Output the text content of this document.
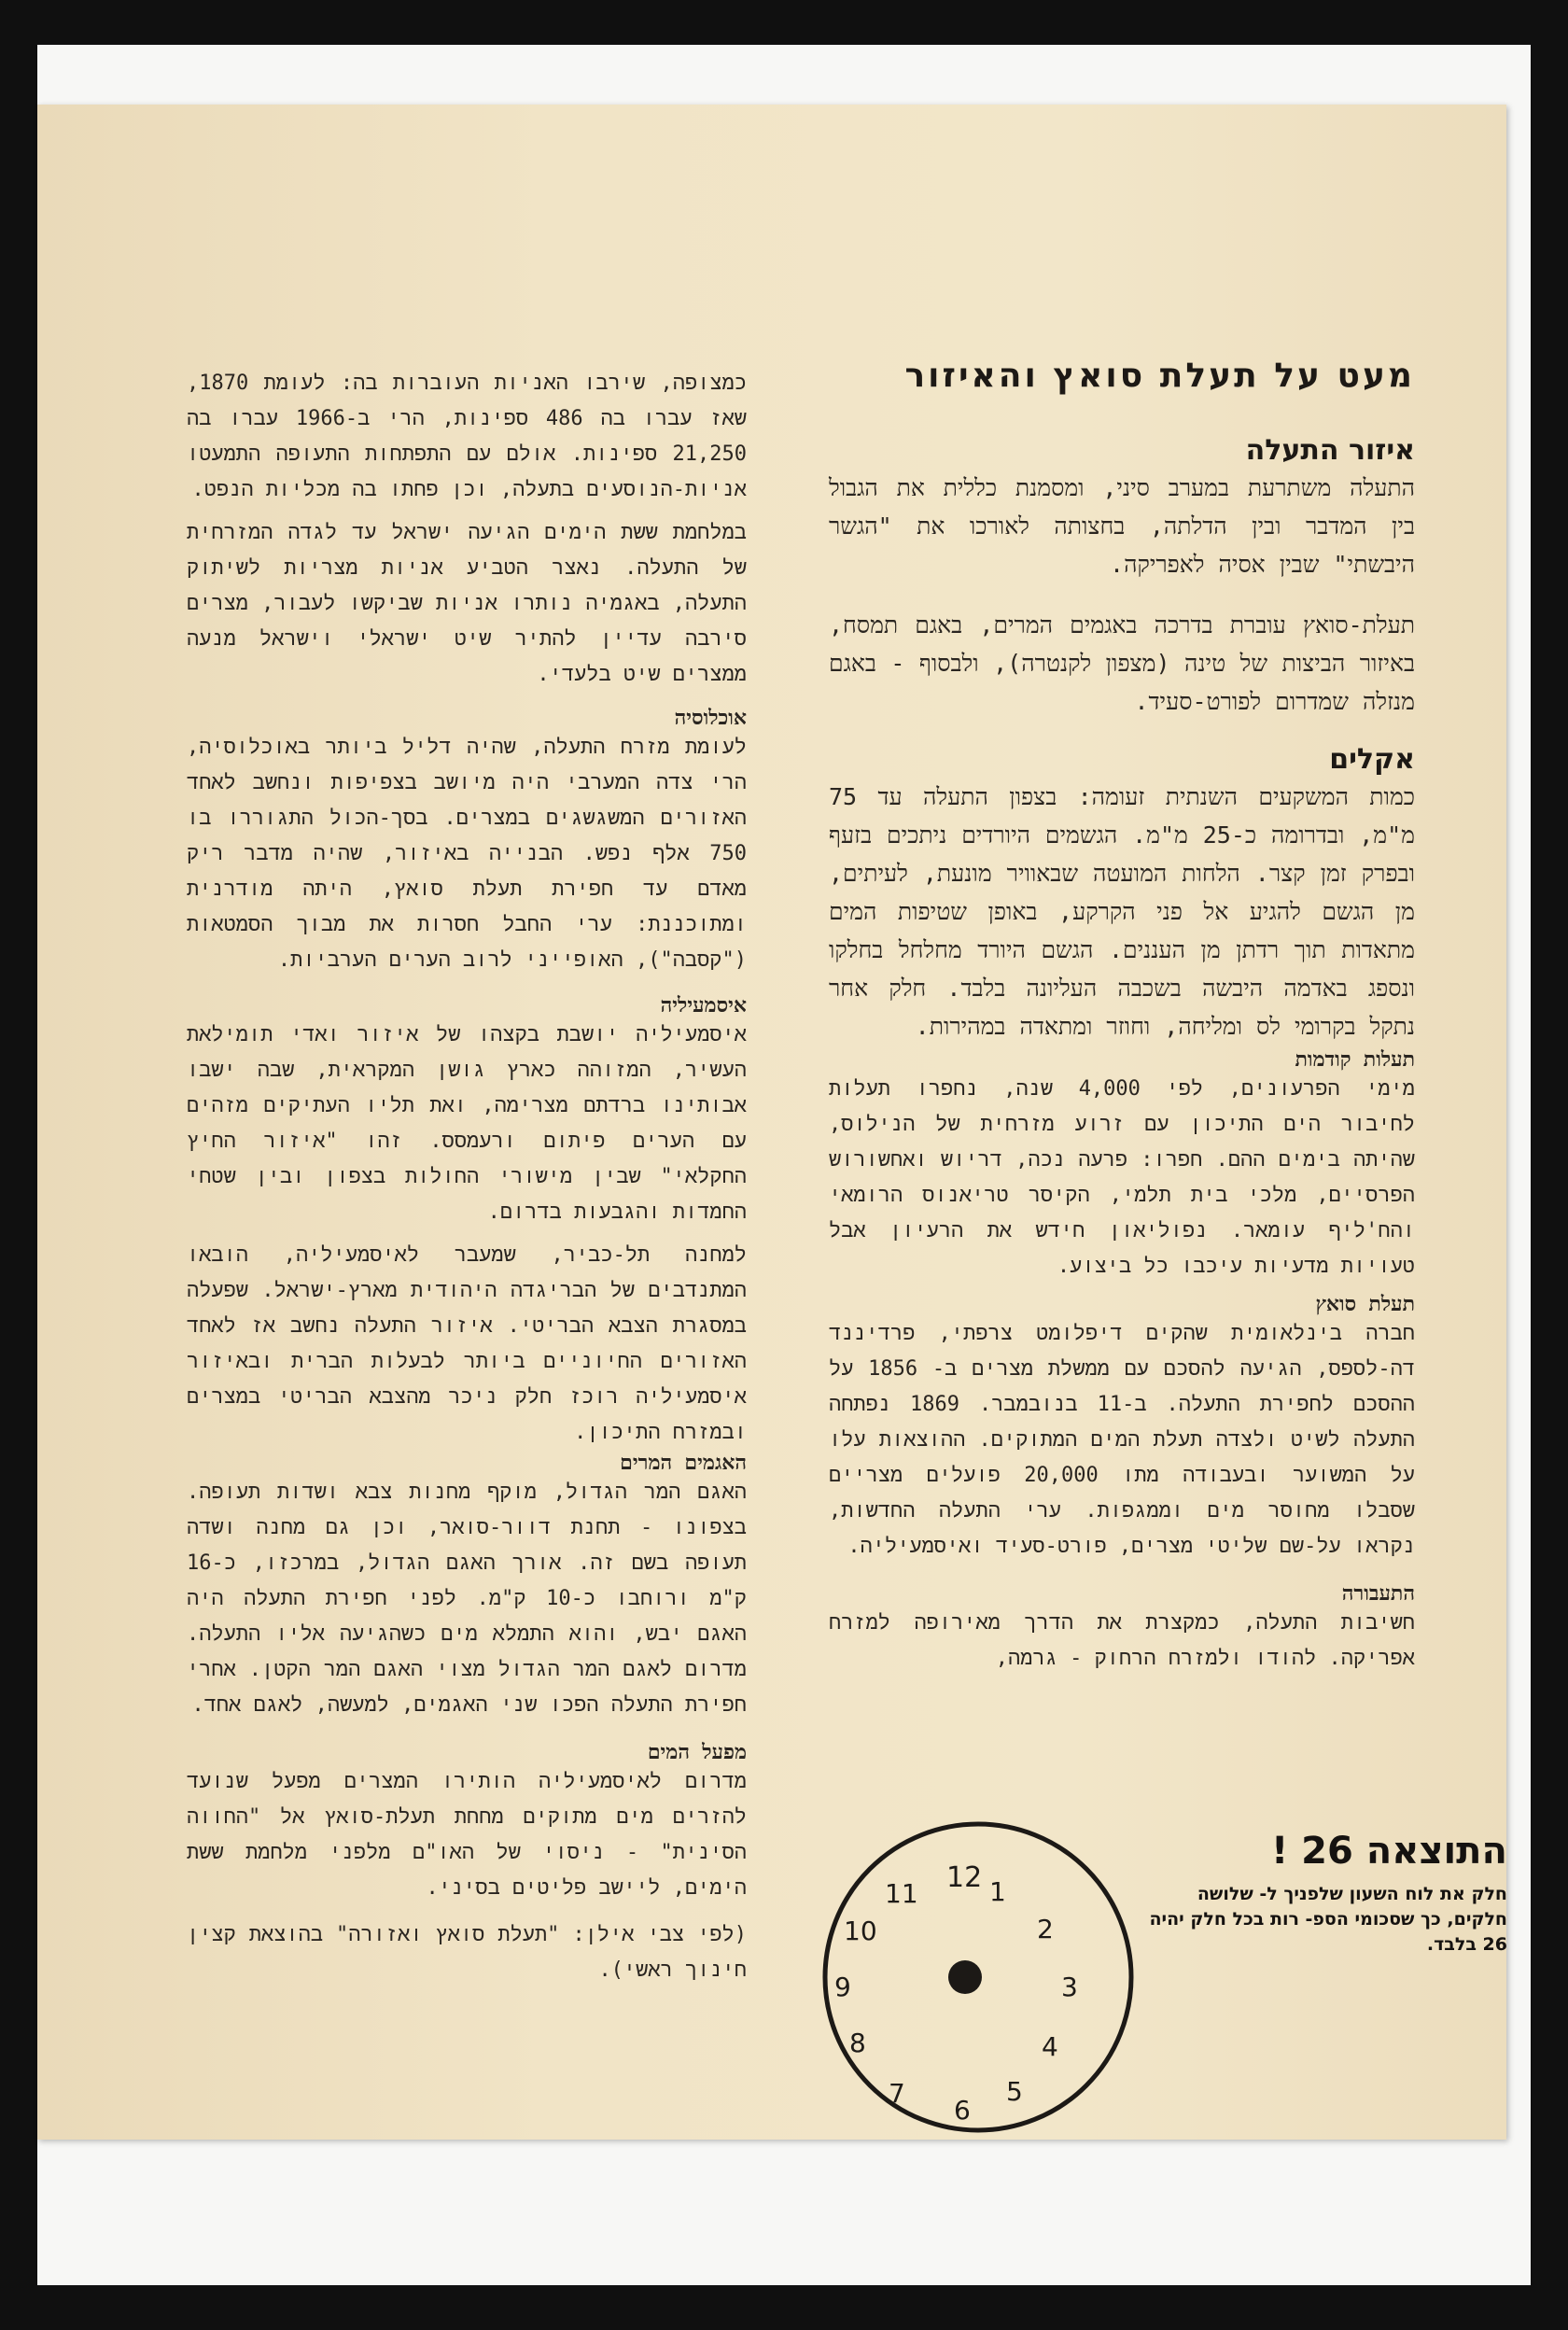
מעט על תעלת סואץ והאיזור
איזור התעלה

התעלה משתרעת במערב סיני, ומסמנת כללית את הגבול בין המדבר ובין הדלתה, בחצותה לאורכו את "הגשר היבשתי" שבין אסיה לאפריקה.

תעלת-סואץ עוברת בדרכה באגמים המרים, באגם תמסח, באיזור הביצות של טינה (מצפון לקנטרה), ולבסוף - באגם מנזלה שמדרום לפורט-סעיד.

אקלים

כמות המשקעים השנתית זעומה: בצפון התעלה עד 75 מ"מ, ובדרומה כ-25 מ"מ. הגשמים היורדים ניתכים בזעף ובפרק זמן קצר. הלחות המועטה שבאוויר מונעת, לעיתים, מן הגשם להגיע אל פני הקרקע, באופן שטיפות המים מתאדות תוך רדתן מן העננים. הגשם היורד מחלחל בחלקו ונספג באדמה היבשה בשכבה העליונה בלבד. חלק אחר נתקל בקרומי לס ומליחה, וחוזר ומתאדה במהירות.

תעלות קודמות

מימי הפרעונים, לפי 4,000 שנה, נחפרו תעלות לחיבור הים התיכון עם זרוע מזרחית של הנילוס, שהיתה בימים ההם. חפרו: פרעה נכה, דריוש ואחשורוש הפרסיים, מלכי בית תלמי, הקיסר טריאנוס הרומאי והח'ליף עומאר. נפוליאון חידש את הרעיון אבל טעויות מדעיות עיכבו כל ביצוע.

תעלת סואץ

חברה בינלאומית שהקים דיפלומט צרפתי, פרדיננד דה-לספס, הגיעה להסכם עם ממשלת מצרים ב- 1856 על ההסכם לחפירת התעלה. ב-11 בנובמבר. 1869 נפתחה התעלה לשיט ולצדה תעלת המים המתוקים. ההוצאות עלו על המשוער ובעבודה מתו 20,000 פועלים מצריים שסבלו מחוסר מים וממגפות. ערי התעלה החדשות, נקראו על-שם שליטי מצרים, פורט-סעיד ואיסמעיליה.

התעבורה

חשיבות התעלה, כמקצרת את הדרך מאירופה למזרח אפריקה. להודו ולמזרח הרחוק - גרמה,

כמצופה, שירבו האניות העוברות בה: לעומת 1870, שאז עברו בה 486 ספינות, הרי ב-1966 עברו בה 21,250 ספינות. אולם עם התפתחות התעופה התמעטו אניות-הנוסעים בתעלה, וכן פחתו בה מכליות הנפט.

במלחמת ששת הימים הגיעה ישראל עד לגדה המזרחית של התעלה. נאצר הטביע אניות מצריות לשיתוק התעלה, באגמיה נותרו אניות שביקשו לעבור, מצרים סירבה עדיין להתיר שיט ישראלי וישראל מנעה ממצרים שיט בלעדי.

אוכלוסיה

לעומת מזרח התעלה, שהיה דליל ביותר באוכלוסיה, הרי צדה המערבי היה מיושב בצפיפות ונחשב לאחד האזורים המשגשגים במצרים. בסך-הכול התגוררו בו 750 אלף נפש. הבנייה באיזור, שהיה מדבר ריק מאדם עד חפירת תעלת סואץ, היתה מודרנית ומתוכננת: ערי החבל חסרות את מבוך הסמטאות ("קסבה"), האופייני לרוב הערים הערביות.

איסמעיליה

איסמעיליה יושבת בקצהו של איזור ואדי תומילאת העשיר, המזוהה כארץ גושן המקראית, שבה ישבו אבותינו ברדתם מצרימה, ואת תליו העתיקים מזהים עם הערים פיתום ורעמסס. זהו "איזור החיץ החקלאי" שבין מישורי החולות בצפון ובין שטחי החמדות והגבעות בדרום.

למחנה תל-כביר, שמעבר לאיסמעיליה, הובאו המתנדבים של הבריגדה היהודית מארץ-ישראל. שפעלה במסגרת הצבא הבריטי. איזור התעלה נחשב אז לאחד האזורים החיוניים ביותר לבעלות הברית ובאיזור איסמעיליה רוכז חלק ניכר מהצבא הבריטי במצרים ובמזרח התיכון.

האגמים המרים

האגם המר הגדול, מוקף מחנות צבא ושדות תעופה. בצפונו - תחנת דוור-סואר, וכן גם מחנה ושדה תעופה בשם זה. אורך האגם הגדול, במרכזו, כ-16 ק"מ ורוחבו כ-10 ק"מ. לפני חפירת התעלה היה האגם יבש, והוא התמלא מים כשהגיעה אליו התעלה. מדרום לאגם המר הגדול מצוי האגם המר הקטן. אחרי חפירת התעלה הפכו שני האגמים, למעשה, לאגם אחד.

מפעל המים

מדרום לאיסמעיליה הותירו המצרים מפעל שנועד להזרים מים מתוקים מחחת תעלת-סואץ אל "החווה הסינית" - ניסוי של האו"ם מלפני מלחמת ששת הימים, ליישב פליטים בסיני.

(לפי צבי אילן: "תעלת סואץ ואזורה" בהוצאת קצין חינוך ראשי).

התוצאה 26 !

חלק את לוח השעון שלפניך ל- שלושה חלקים, כך שסכומי הספ- רות בכל חלק יהיה 26 בלבד.

12 1
2
3
4
5
6
7
8
9
10
11
